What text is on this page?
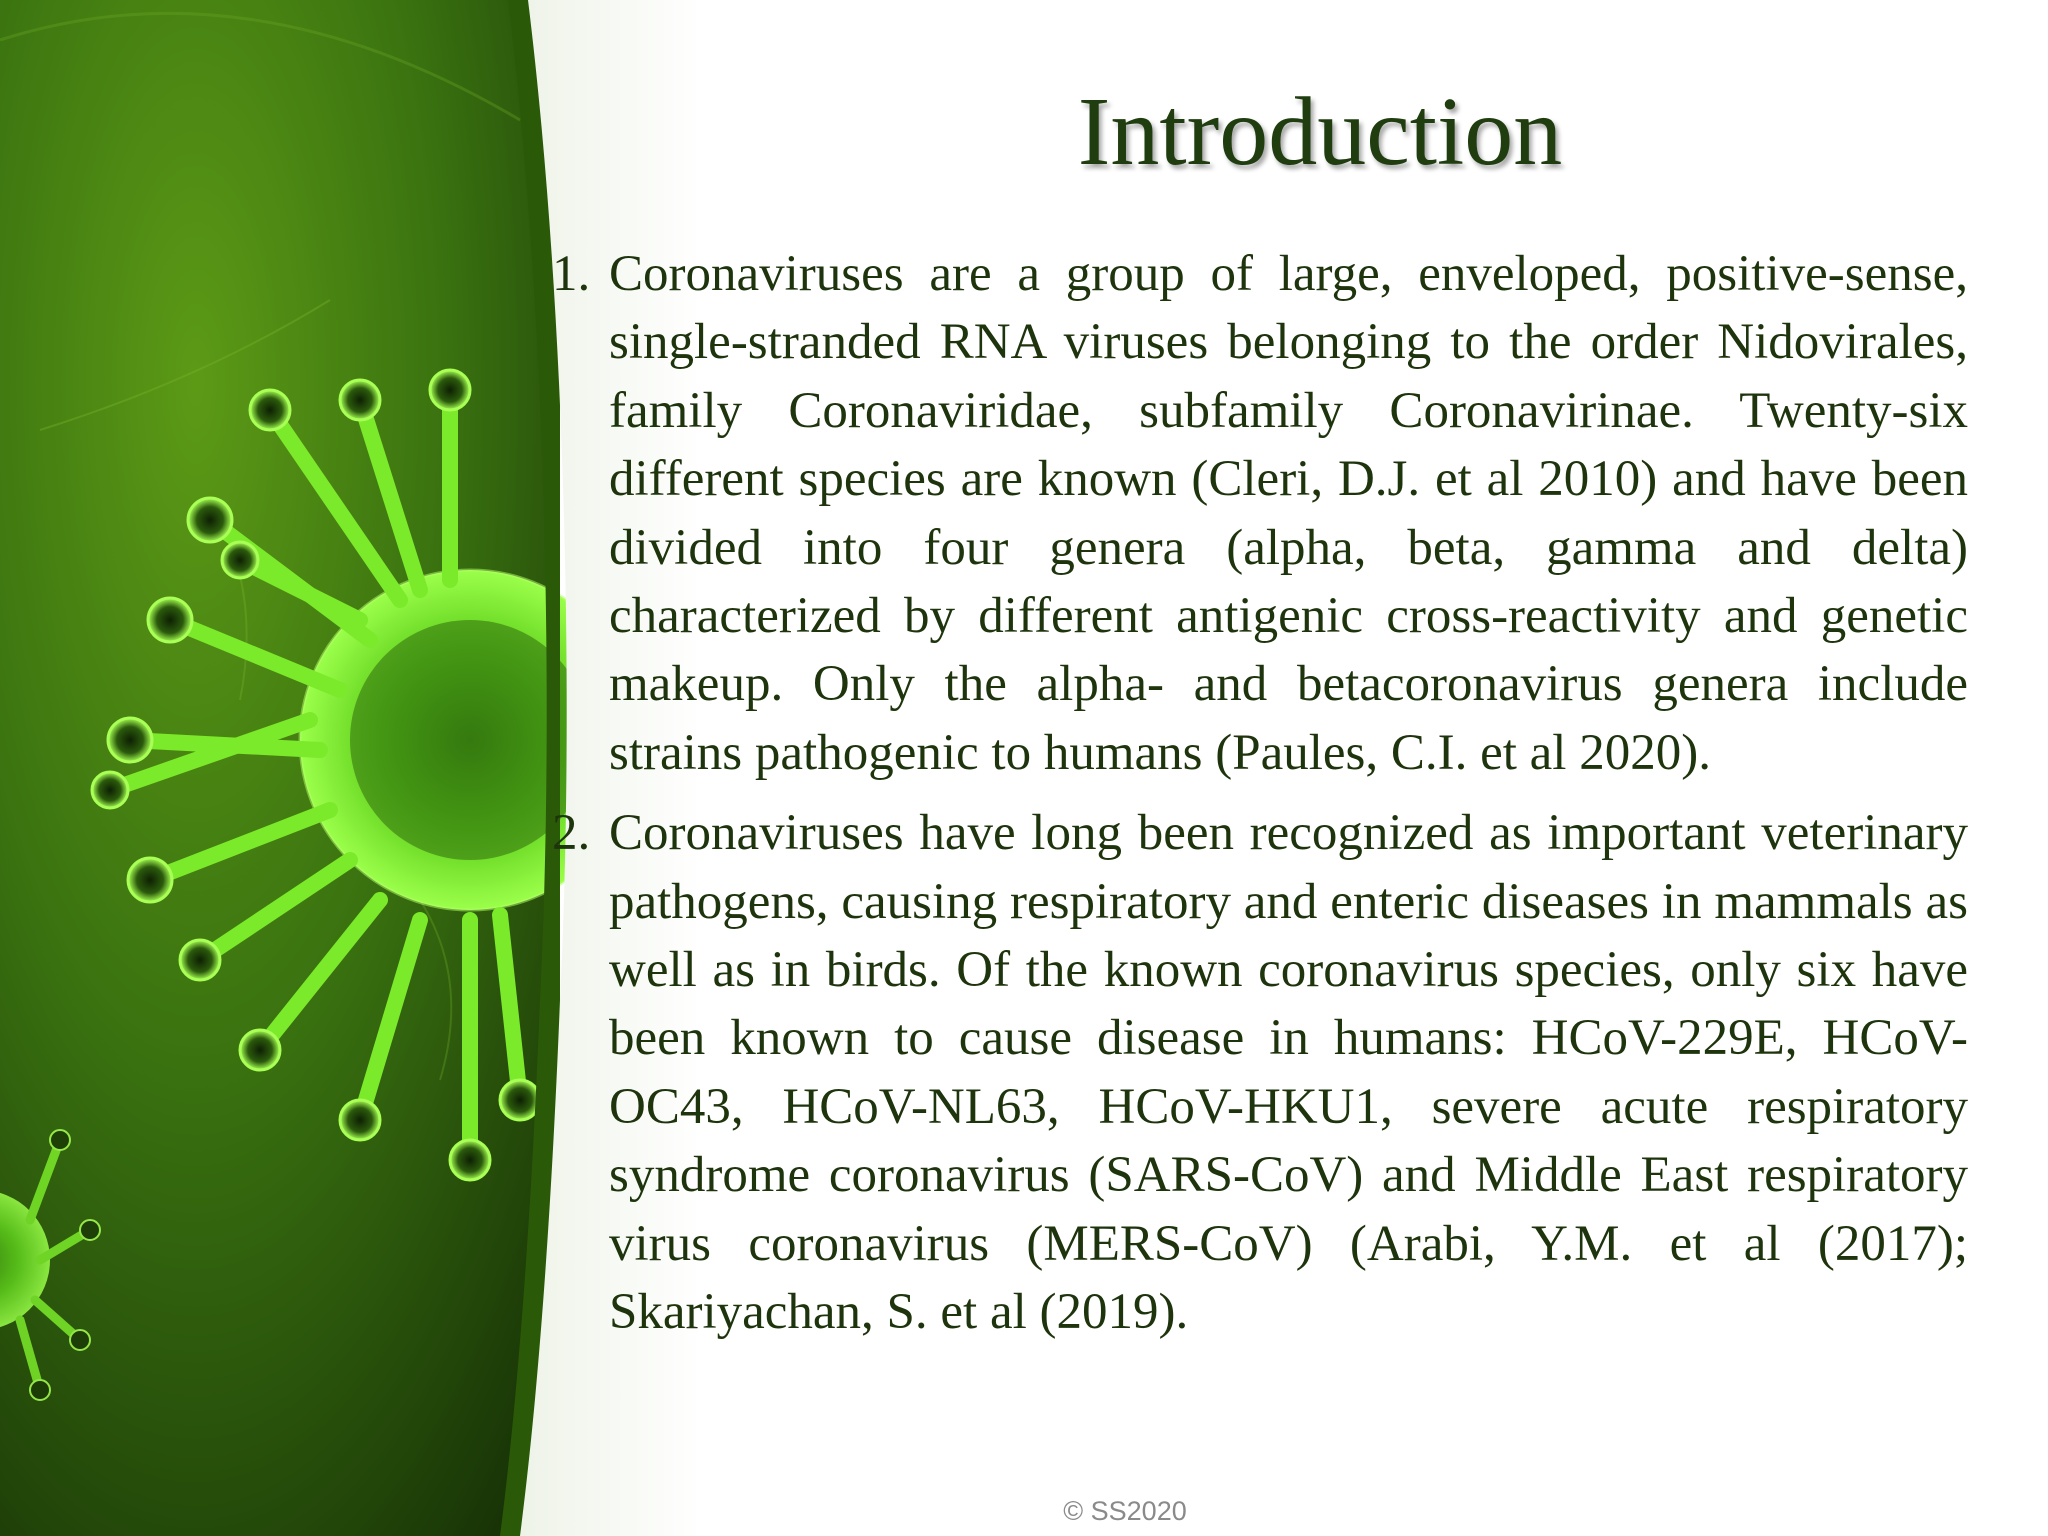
Introduction
1. Coronaviruses are a group of large, enveloped, positive-sense, single-stranded RNA viruses belonging to the order Nidovirales, family Coronaviridae, subfamily Coronavirinae. Twenty-six different species are known (Cleri, D.J. et al 2010) and have been divided into four genera (alpha, beta, gamma and delta) characterized by different antigenic cross-reactivity and genetic makeup. Only the alpha- and betacoronavirus genera include strains pathogenic to humans (Paules, C.I. et al 2020).
2. Coronaviruses have long been recognized as important veterinary pathogens, causing respiratory and enteric diseases in mammals as well as in birds. Of the known coronavirus species, only six have been known to cause disease in humans: HCoV-229E, HCoV-OC43, HCoV-NL63, HCoV-HKU1, severe acute respiratory syndrome coronavirus (SARS-CoV) and Middle East respiratory virus coronavirus (MERS-CoV) (Arabi, Y.M. et al (2017); Skariyachan, S. et al (2019).
© SS2020
